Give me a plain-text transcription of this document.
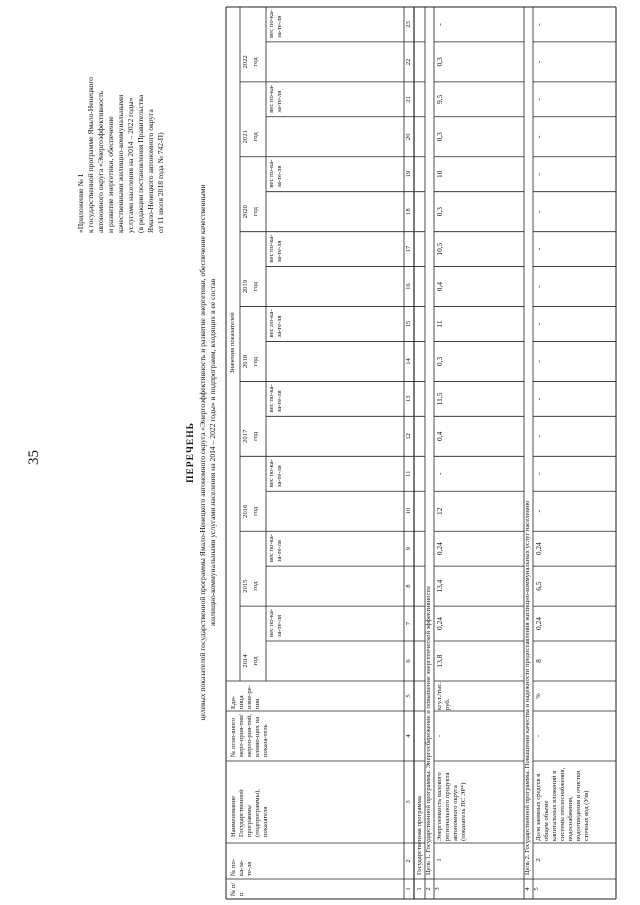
35
«Приложение № 1 к государственной программе Ямало-Ненецкого автономного округа «Энергоэффективность и развитие энергетики, обеспечение качественными жилищно-коммунальными услугами населения на 2014 – 2022 годы» (в редакции постановления Правительства Ямало-Ненецкого автономного округа от 11 июля 2018 года № 742-П)
ПЕРЕЧЕНЬ целевых показателей государственной программы Ямало-Ненецкого автономного округа «Энергоэффективность и развитие энергетики, обеспечение качественными жилищно-коммунальными услугами населения на 2014 – 2022 годы» и подпрограмм, входящих в ее состав
№ п/п
№ по-ка-за-те-ля
Наименование Государственной программы (подпрограммы), показателя
№ осно-вного меро-прия-тия/мероп-рия-тий, влияю-щих на показа-тель
Еди-ница изме-ре-ния
Значения показателей
2014 год
вес по-ка-за-те-ля
2015 год
вес по-ка-за-те-ля
2016 год
вес по-ка-за-те-ля
2017 год
вес по-ка-за-те-ля
2018 год
вес по-ка-за-те-ля
2019 год
вес по-ка-за-те-ля
2020 год
вес по-ка-за-те-ля
2021 год
вес по-ка-за-те-ля
2022 год
вес по-ка-за-те-ля
1
2
3
4
5
6
7
8
9
10
11
12
13
14
15
16
17
18
19
20
21
22
23
1 2 3	4 5
Государственная программа Цель 1. Государственной программы. Энергосбережение и повышение энергетической эффективности	Цель 2. Государственной программы. Повышение качества и надежности предоставления жилищно-коммунальных услуг населению
1
Энергоемкость валового регионального продукта автономного округа (показатель ПС ЭР*)
-
кгу.т./тыс. руб.
13,8
0,24
13,4
0,24
12
-
0,4
11,5
0,3
11
0,4
10,5
0,3
10
0,3
9,5
0,3
-
2
Доля заемных средств в общем объеме капитальных вложений в системы теплоснабжения, водоснабжения, водоотведения и очистки сточных вод (Узв)
-
%
8
0,24
6,5
0,24
-
-
-
-
-
-
-
-
-
-
-
-
-
-
